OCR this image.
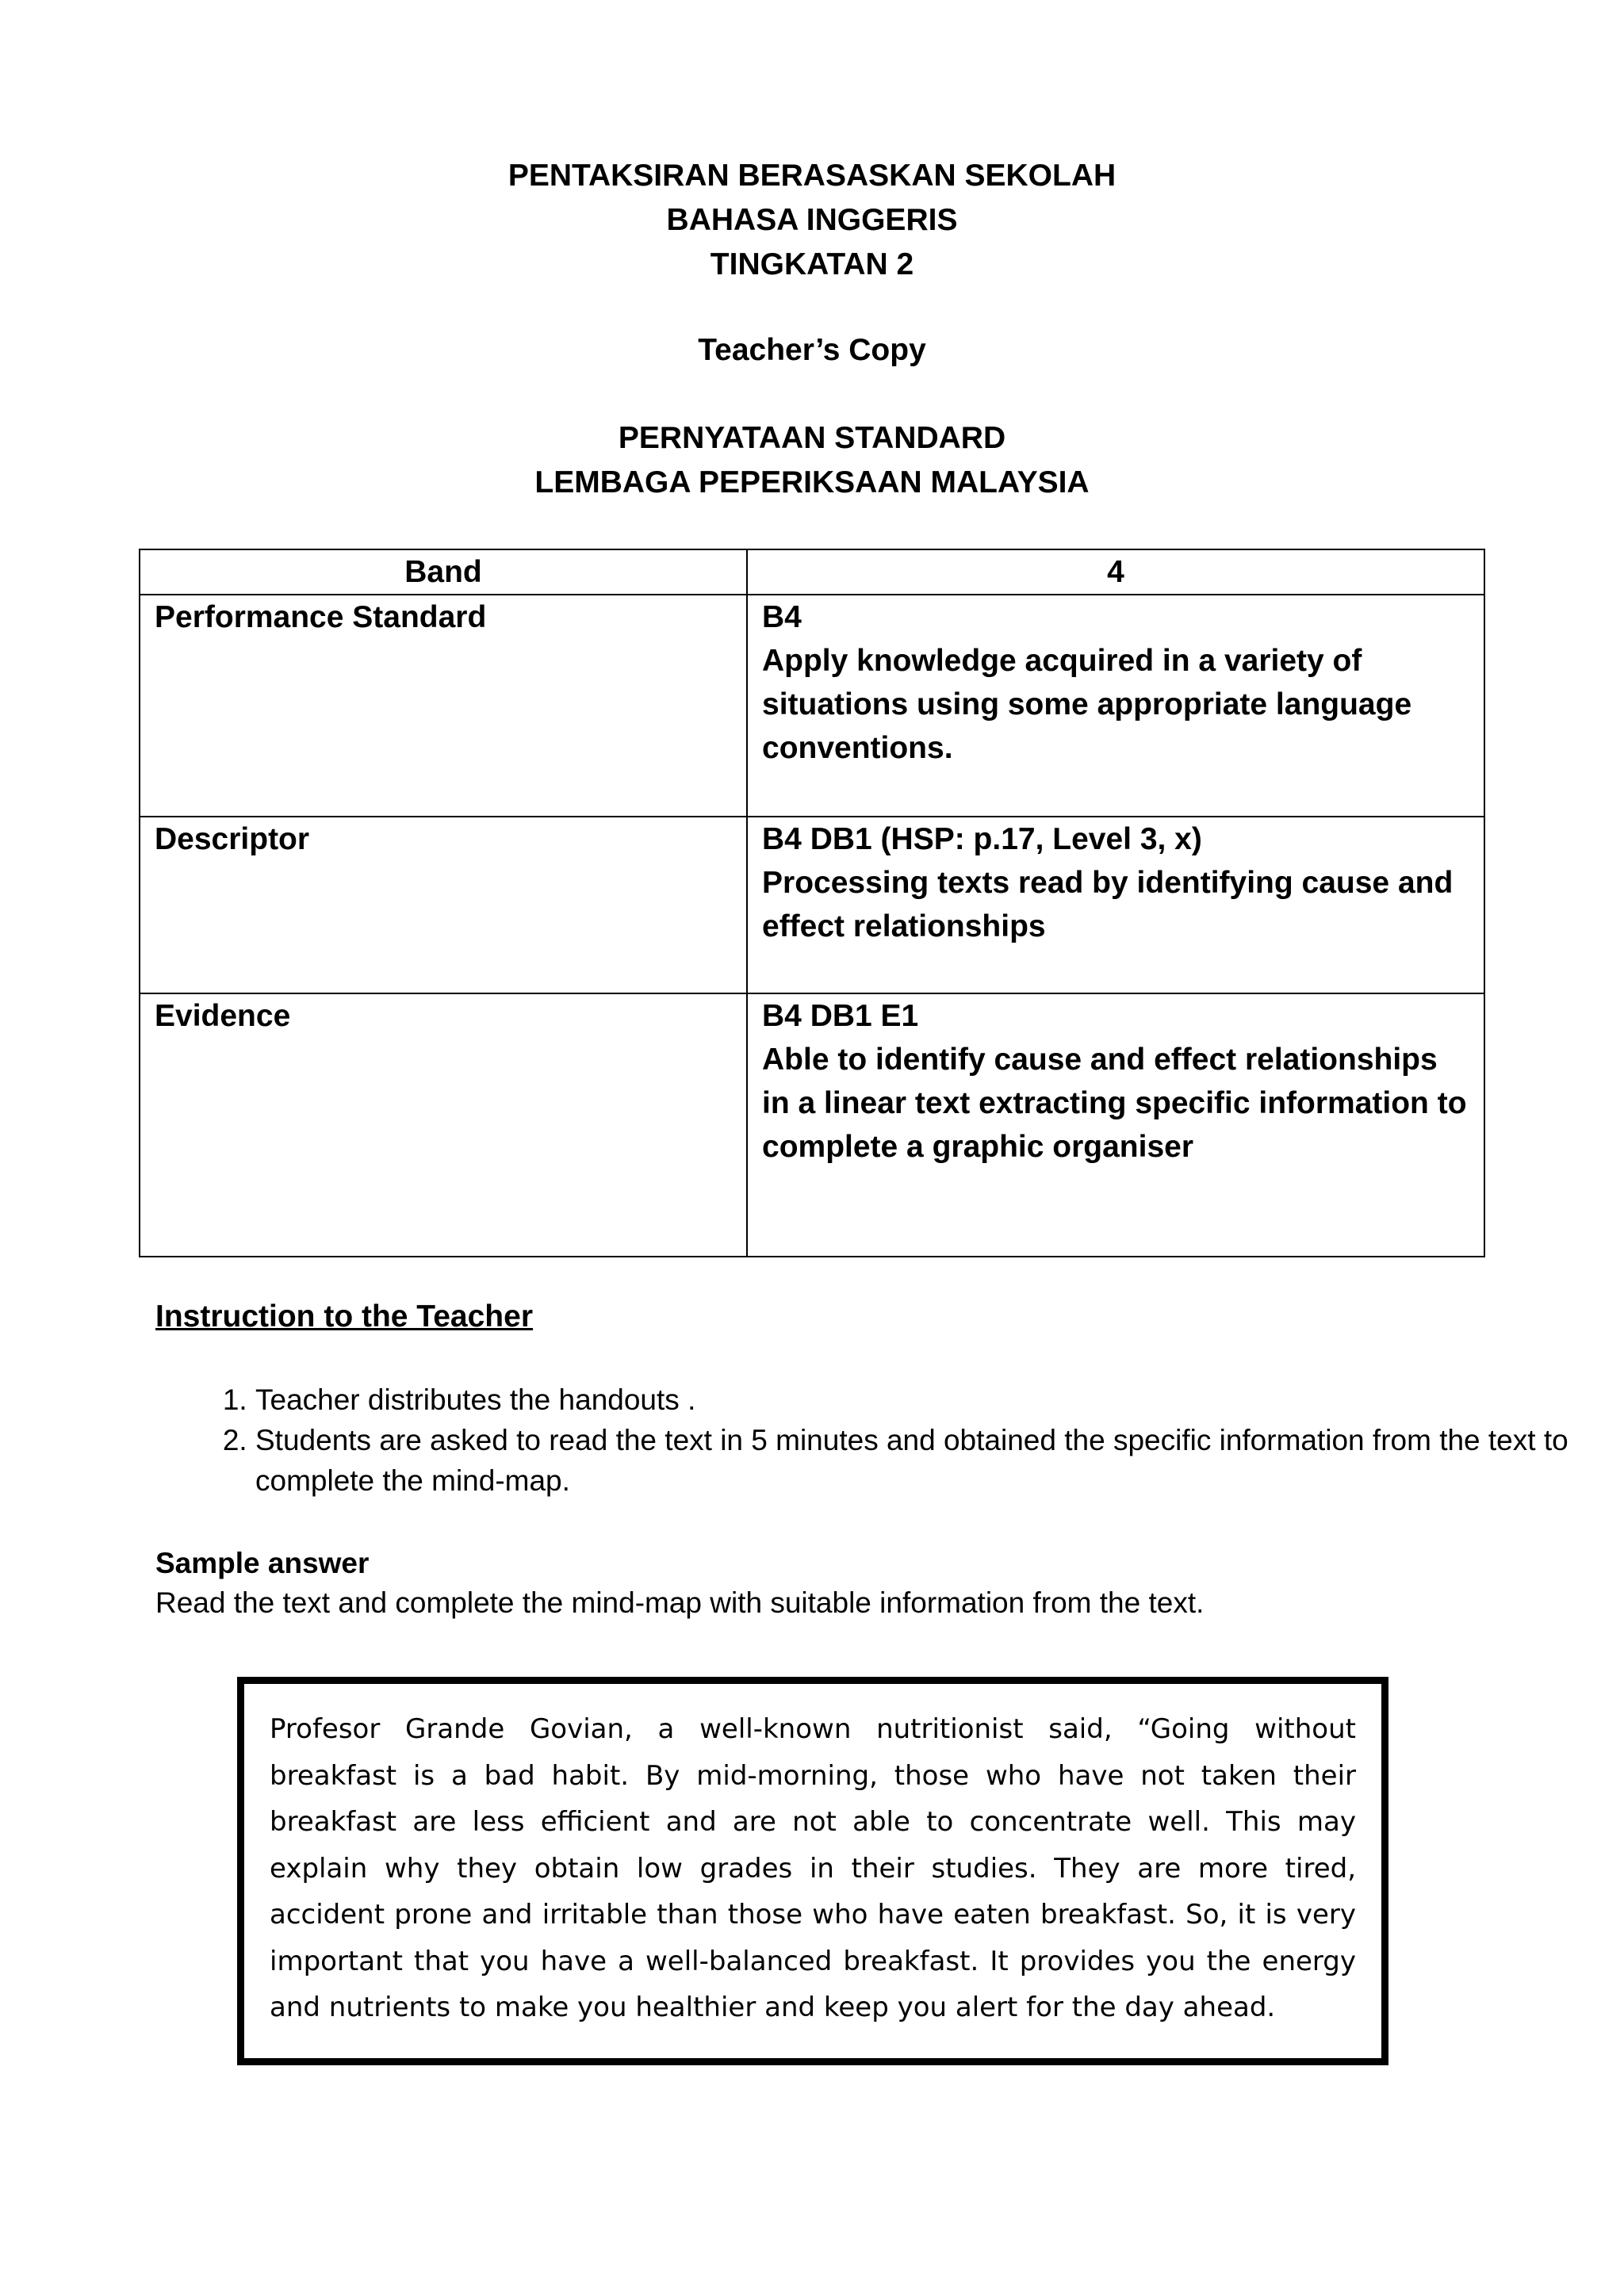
PENTAKSIRAN BERASASKAN SEKOLAH
BAHASA INGGERIS
TINGKATAN 2
Teacher’s Copy
PERNYATAAN STANDARD
LEMBAGA PEPERIKSAAN MALAYSIA
Band	4
Performance Standard	B4
Apply knowledge acquired in a variety of situations using some appropriate language conventions.

Descriptor	B4 DB1 (HSP: p.17, Level 3, x)
Processing texts read by identifying cause and effect relationships

Evidence	B4 DB1 E1
Able to identify cause and effect relationships in a linear text extracting specific information to complete a graphic organiser
Instruction to the Teacher
1. Teacher distributes the handouts .
2. Students are asked to read the text in 5 minutes and obtained the specific information from the text to complete the mind-map.
Sample answer
Read the text and complete the mind-map with suitable information from the text.

Profesor Grande Govian, a well-known nutritionist said, “Going without breakfast is a bad habit. By mid-morning, those who have not taken their breakfast are less efficient and are not able to concentrate well. This may explain why they obtain low grades in their studies. They are more tired, accident prone and irritable than those who have eaten breakfast. So, it is very important that you have a well-balanced breakfast. It provides you the energy and nutrients to make you healthier and keep you alert for the day ahead.
